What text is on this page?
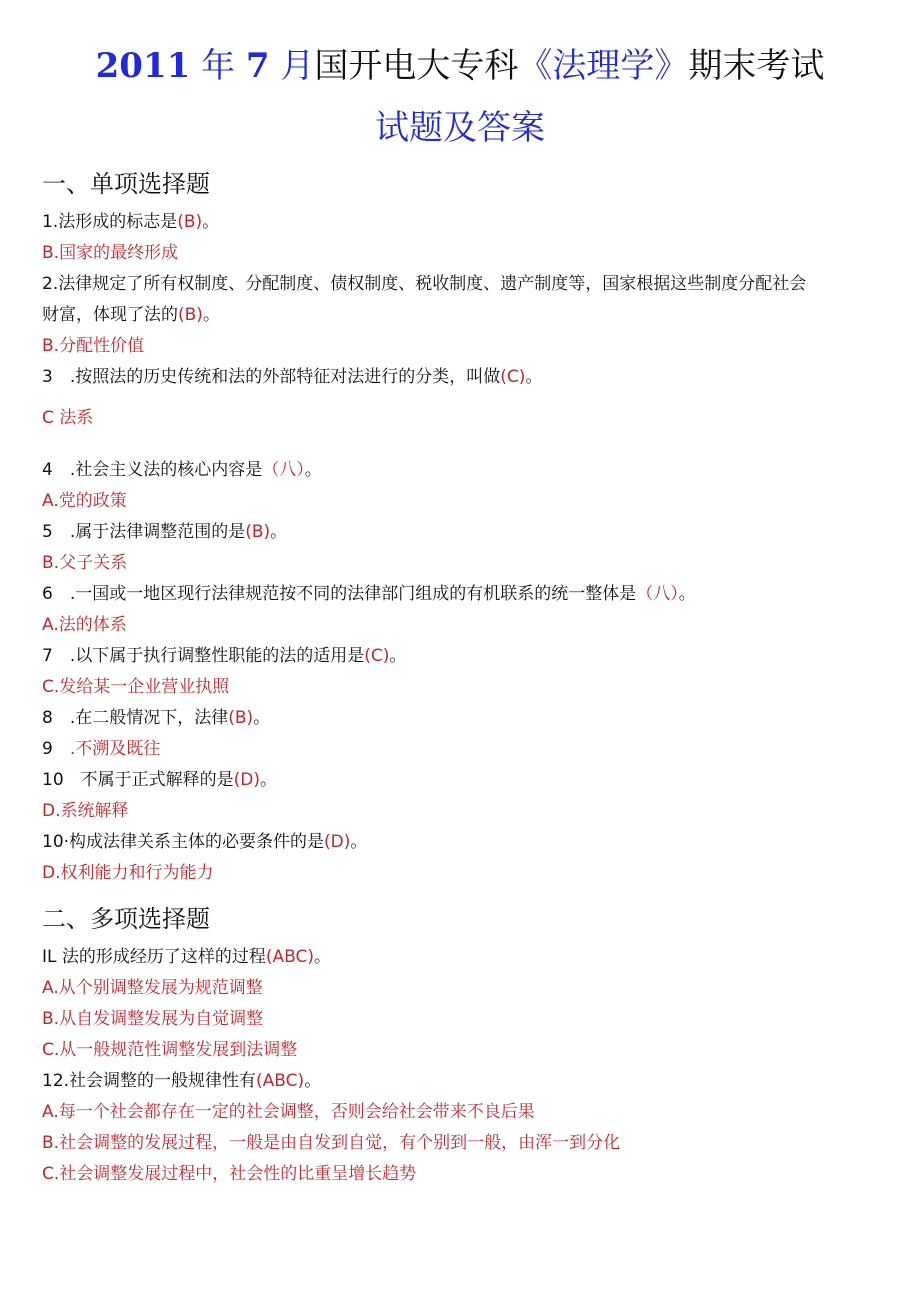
2011 年 7 月国开电大专科《法理学》期末考试
试题及答案
一、单项选择题
1.法形成的标志是(B)。
B.国家的最终形成
2.法律规定了所有权制度、分配制度、债权制度、税收制度、遗产制度等，国家根据这些制度分配社会
财富，体现了法的(B)。
B.分配性价值
3　.按照法的历史传统和法的外部特征对法进行的分类，叫做(C)。
C 法系
4　.社会主义法的核心内容是（八）。
A.党的政策
5　.属于法律调整范围的是(B)。
B.父子关系
6　.一国或一地区现行法律规范按不同的法律部门组成的有机联系的统一整体是（八）。
A.法的体系
7　.以下属于执行调整性职能的法的适用是(C)。
C.发给某一企业营业执照
8　.在二般情况下，法律(B)。
9　.不溯及既往
10　不属于正式解释的是(D)。
D.系统解释
10·构成法律关系主体的必要条件的是(D)。
D.权利能力和行为能力
二、多项选择题
IL 法的形成经历了这样的过程(ABC)。
A.从个别调整发展为规范调整
B.从自发调整发展为自觉调整
C.从一般规范性调整发展到法调整
12.社会调整的一般规律性有(ABC)。
A.每一个社会都存在一定的社会调整，否则会给社会带来不良后果
B.社会调整的发展过程，一般是由自发到自觉，有个别到一般，由浑一到分化
C.社会调整发展过程中，社会性的比重呈增长趋势
